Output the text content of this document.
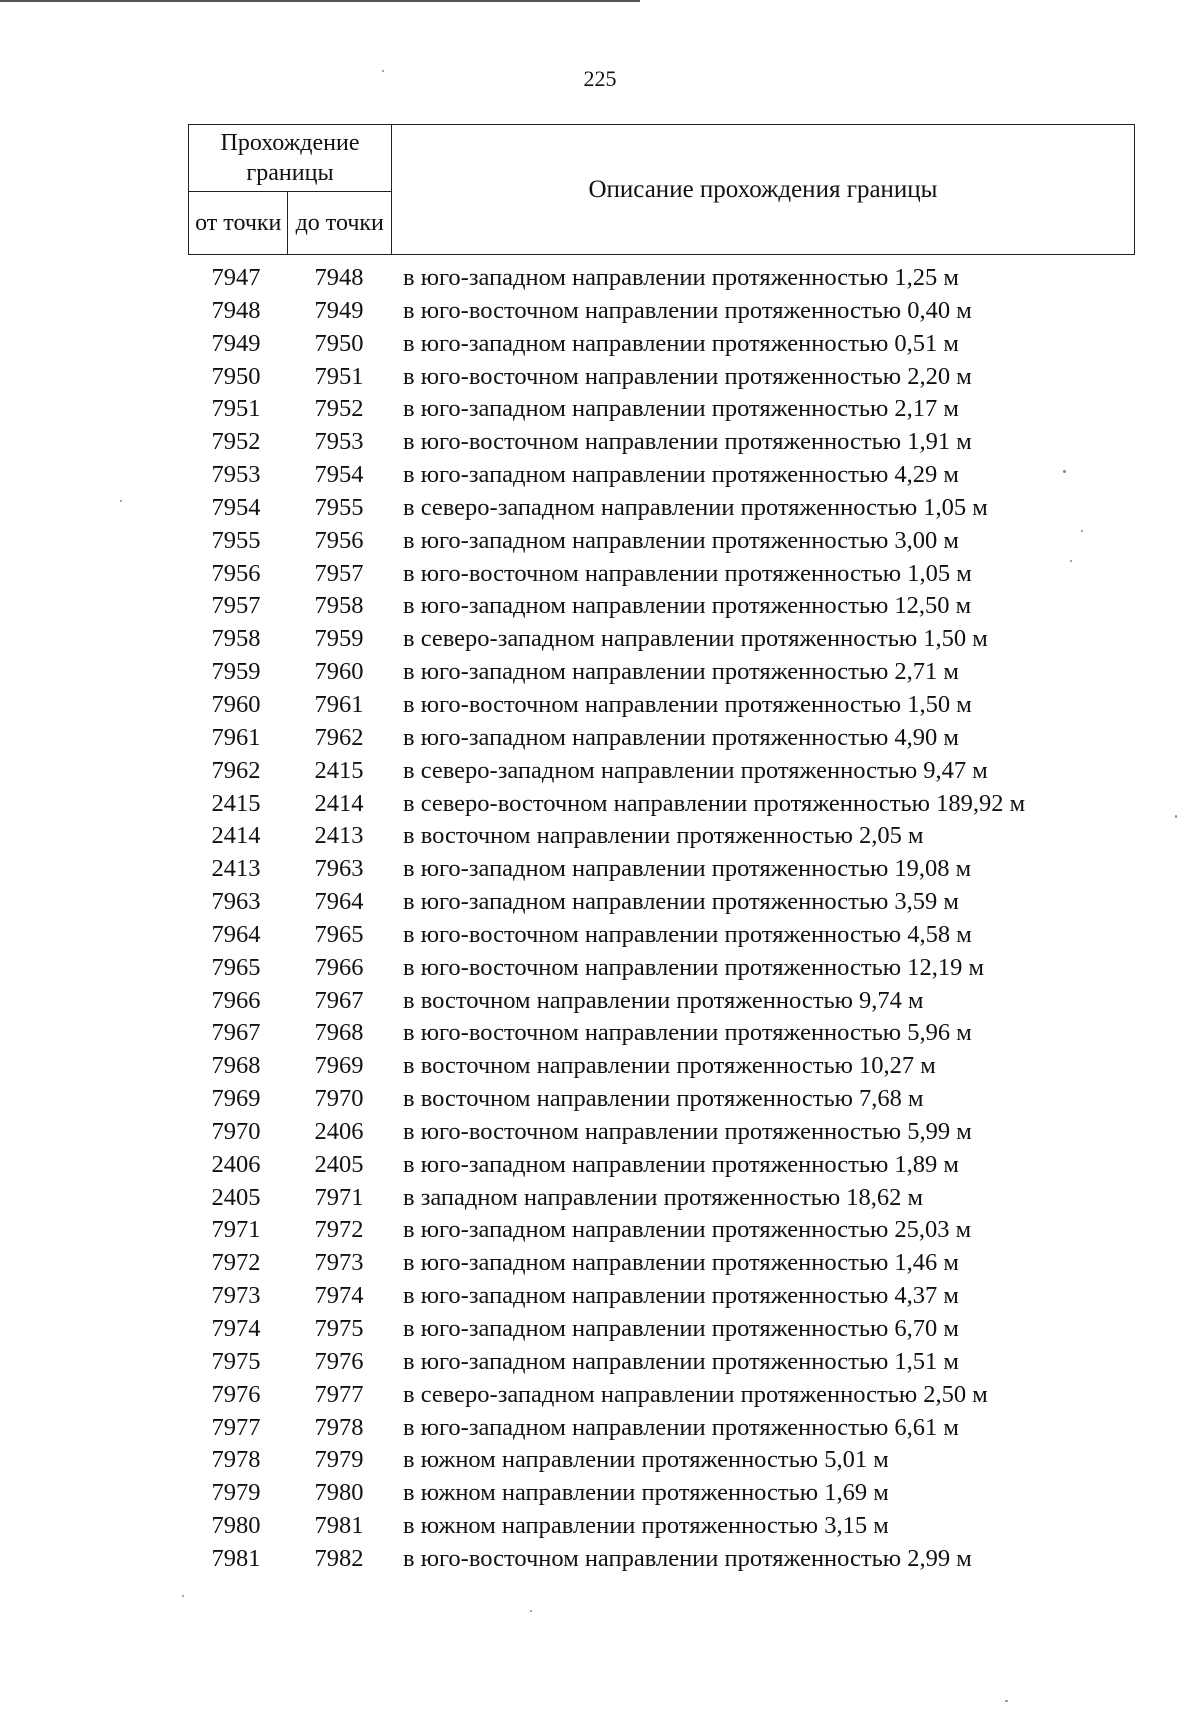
225
Прохождение границы		Описание прохождения границы
от точки	до точки	
7947	7948	в юго-западном направлении протяженностью 1,25 м
7948	7949	в юго-восточном направлении протяженностью 0,40 м
7949	7950	в юго-западном направлении протяженностью 0,51 м
7950	7951	в юго-восточном направлении протяженностью 2,20 м
7951	7952	в юго-западном направлении протяженностью 2,17 м
7952	7953	в юго-восточном направлении протяженностью 1,91 м
7953	7954	в юго-западном направлении протяженностью 4,29 м
7954	7955	в северо-западном направлении протяженностью 1,05 м
7955	7956	в юго-западном направлении протяженностью 3,00 м
7956	7957	в юго-восточном направлении протяженностью 1,05 м
7957	7958	в юго-западном направлении протяженностью 12,50 м
7958	7959	в северо-западном направлении протяженностью 1,50 м
7959	7960	в юго-западном направлении протяженностью 2,71 м
7960	7961	в юго-восточном направлении протяженностью 1,50 м
7961	7962	в юго-западном направлении протяженностью 4,90 м
7962	2415	в северо-западном направлении протяженностью 9,47 м
2415	2414	в северо-восточном направлении протяженностью 189,92 м
2414	2413	в восточном направлении протяженностью 2,05 м
2413	7963	в юго-западном направлении протяженностью 19,08 м
7963	7964	в юго-западном направлении протяженностью 3,59 м
7964	7965	в юго-восточном направлении протяженностью 4,58 м
7965	7966	в юго-восточном направлении протяженностью 12,19 м
7966	7967	в восточном направлении протяженностью 9,74 м
7967	7968	в юго-восточном направлении протяженностью 5,96 м
7968	7969	в восточном направлении протяженностью 10,27 м
7969	7970	в восточном направлении протяженностью 7,68 м
7970	2406	в юго-восточном направлении протяженностью 5,99 м
2406	2405	в юго-западном направлении протяженностью 1,89 м
2405	7971	в западном направлении протяженностью 18,62 м
7971	7972	в юго-западном направлении протяженностью 25,03 м
7972	7973	в юго-западном направлении протяженностью 1,46 м
7973	7974	в юго-западном направлении протяженностью 4,37 м
7974	7975	в юго-западном направлении протяженностью 6,70 м
7975	7976	в юго-западном направлении протяженностью 1,51 м
7976	7977	в северо-западном направлении протяженностью 2,50 м
7977	7978	в юго-западном направлении протяженностью 6,61 м
7978	7979	в южном направлении протяженностью 5,01 м
7979	7980	в южном направлении протяженностью 1,69 м
7980	7981	в южном направлении протяженностью 3,15 м
7981	7982	в юго-восточном направлении протяженностью 2,99 м
